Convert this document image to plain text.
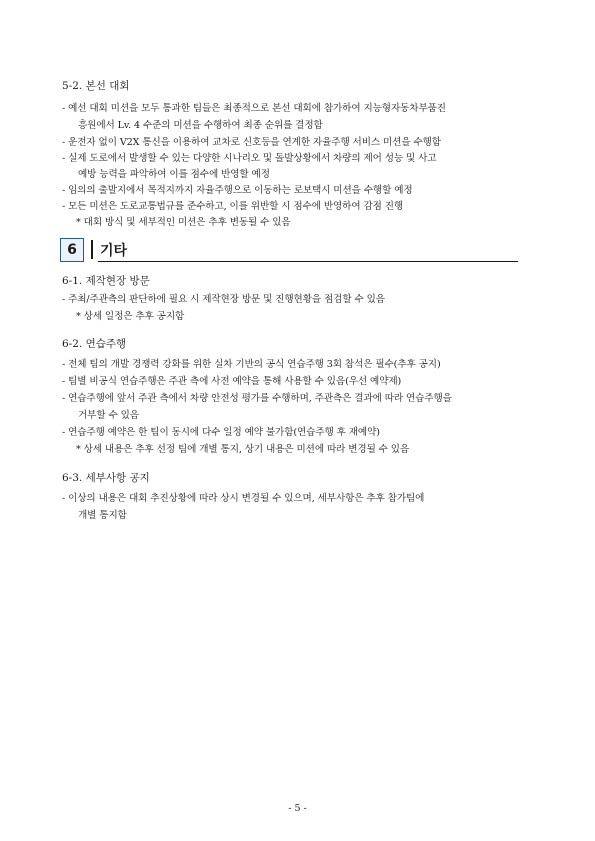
5-2. 본선 대회
- 예선 대회 미션을 모두 통과한 팀들은 최종적으로 본선 대회에 참가하여 지능형자동차부품진
흥원에서 Lv. 4 수준의 미션을 수행하여 최종 순위를 결정함
- 운전자 없이 V2X 통신을 이용하여 교차로 신호등을 연계한 자율주행 서비스 미션을 수행함
- 실제 도로에서 발생할 수 있는 다양한 시나리오 및 돌발상황에서 차량의 제어 성능 및 사고
예방 능력을 파악하여 이를 점수에 반영할 예정
- 임의의 출발지에서 목적지까지 자율주행으로 이동하는 로보택시 미션을 수행할 예정
- 모든 미션은 도로교통법규를 준수하고, 이를 위반할 시 점수에 반영하여 감점 진행
* 대회 방식 및 세부적인 미션은 추후 변동될 수 있음
6	기타
6-1. 제작현장 방문
- 주최/주관측의 판단하에 필요 시 제작현장 방문 및 진행현황을 점검할 수 있음
* 상세 일정은 추후 공지함
6-2. 연습주행
- 전체 팀의 개발 경쟁력 강화를 위한 실차 기반의 공식 연습주행 3회 참석은 필수(추후 공지)
- 팀별 비공식 연습주행은 주관 측에 사전 예약을 통해 사용할 수 있음(우선 예약제)
- 연습주행에 앞서 주관 측에서 차량 안전성 평가를 수행하며, 주관측은 결과에 따라 연습주행을
거부할 수 있음
- 연습주행 예약은 한 팀이 동시에 다수 일정 예약 불가함(연습주행 후 재예약)
* 상세 내용은 추후 선정 팀에 개별 통지, 상기 내용은 미션에 따라 변경될 수 있음
6-3. 세부사항 공지
- 이상의 내용은 대회 추진상황에 따라 상시 변경될 수 있으며, 세부사항은 추후 참가팀에
개별 통지함
- 5 -
